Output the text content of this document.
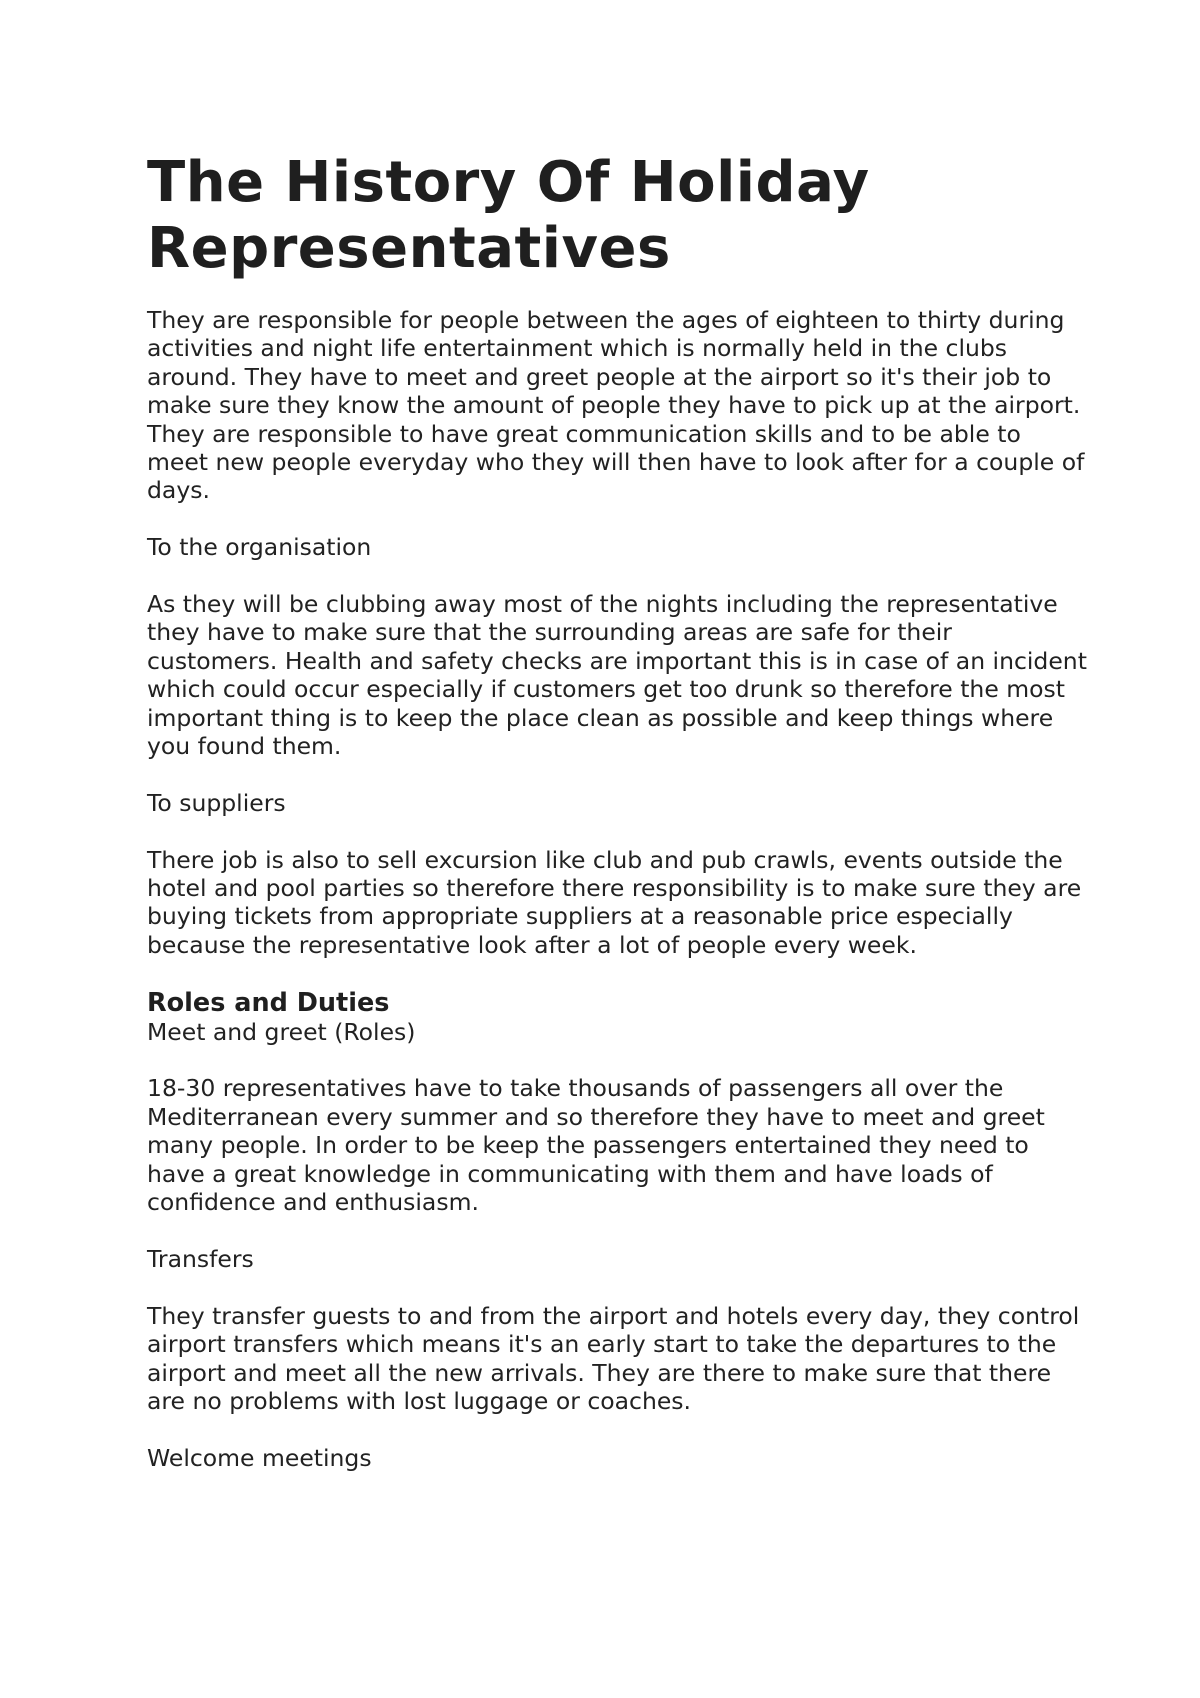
The History Of Holiday Representatives

They are responsible for people between the ages of eighteen to thirty during activities and night life entertainment which is normally held in the clubs around. They have to meet and greet people at the airport so it's their job to make sure they know the amount of people they have to pick up at the airport. They are responsible to have great communication skills and to be able to meet new people everyday who they will then have to look after for a couple of days.

To the organisation

As they will be clubbing away most of the nights including the representative they have to make sure that the surrounding areas are safe for their customers. Health and safety checks are important this is in case of an incident which could occur especially if customers get too drunk so therefore the most important thing is to keep the place clean as possible and keep things where you found them.

To suppliers

There job is also to sell excursion like club and pub crawls, events outside the hotel and pool parties so therefore there responsibility is to make sure they are buying tickets from appropriate suppliers at a reasonable price especially because the representative look after a lot of people every week.

Roles and Duties

Meet and greet (Roles)

18-30 representatives have to take thousands of passengers all over the Mediterranean every summer and so therefore they have to meet and greet many people. In order to be keep the passengers entertained they need to have a great knowledge in communicating with them and have loads of confidence and enthusiasm.

Transfers

They transfer guests to and from the airport and hotels every day, they control airport transfers which means it's an early start to take the departures to the airport and meet all the new arrivals. They are there to make sure that there are no problems with lost luggage or coaches.

Welcome meetings
